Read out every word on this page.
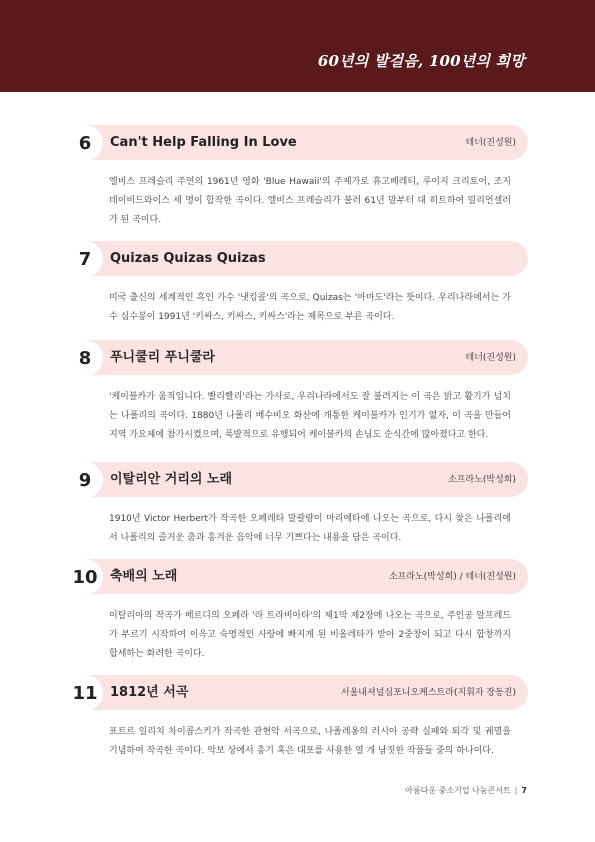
60년의 발걸음, 100년의 희망
6	Can't Help Falling In Love	테너(진성원)
엘비스 프레슬리 주연의 1961년 영화 'Blue Hawaii'의 주제가로 휴고페레티, 루이지 크리토어, 조지 데이비드와이스 세 명이 합작한 곡이다. 엘비스 프레슬리가 불러 61년 말부터 대 히트하여 밀리언셀러가 된 곡이다.
7	Quizas Quizas Quizas
미국 출신의 세계적인 흑인 가수 '냇킹콜'의 곡으로, Quizas는 '아마도'라는 뜻이다. 우리나라에서는 가수 심수봉이 1991년 '키싸스, 키싸스, 키싸스'라는 제목으로 부른 곡이다.
8	푸니쿨리 푸니쿨라	테너(진성원)
'케이블카가 움직입니다. 빨리빨리'라는 가사로, 우리나라에서도 잘 불려지는 이 곡은 밝고 활기가 넘치는 나폴리의 곡이다. 1880년 나폴리 베수비오 화산에 개통한 케이블카가 인기가 없자, 이 곡을 만들어 지역 가요제에 참가시켰으며, 폭발적으로 유행되어 케이블카의 손님도 순식간에 많아졌다고 한다.
9	이탈리안 거리의 노래	소프라노(박성희)
1910년 Victor Herbert가 작곡한 오페레타 말괄량이 마리에타에 나오는 곡으로, 다시 찾은 나폴리에서 나폴리의 즐거운 춤과 흥겨운 음악에 너무 기쁘다는 내용을 담은 곡이다.
10 축배의 노래	소프라노(박성희) / 테너(진성원)
이탈리아의 작곡가 베르디의 오페라 '라 트라비아타'의 제1막 제2장에 나오는 곡으로, 주인공 알프레드가 부르기 시작하여 이윽고 숙명적인 사랑에 빠지게 된 비올레타가 받아 2중창이 되고 다시 합창까지 합세하는 화려한 곡이다.
11 1812년 서곡	서울내셔널심포니오케스트라(지휘자 장동진)
표트르 일리치 차이콥스키가 작곡한 관현악 서곡으로, 나폴레옹의 러시아 공략 실패와 퇴각 및 궤멸을 기념하여 작곡한 곡이다. 악보 상에서 총기 혹은 대포를 사용한 열 개 남짓한 작품들 중의 하나이다.
아름다운 중소기업 나눔콘서트 | 7
